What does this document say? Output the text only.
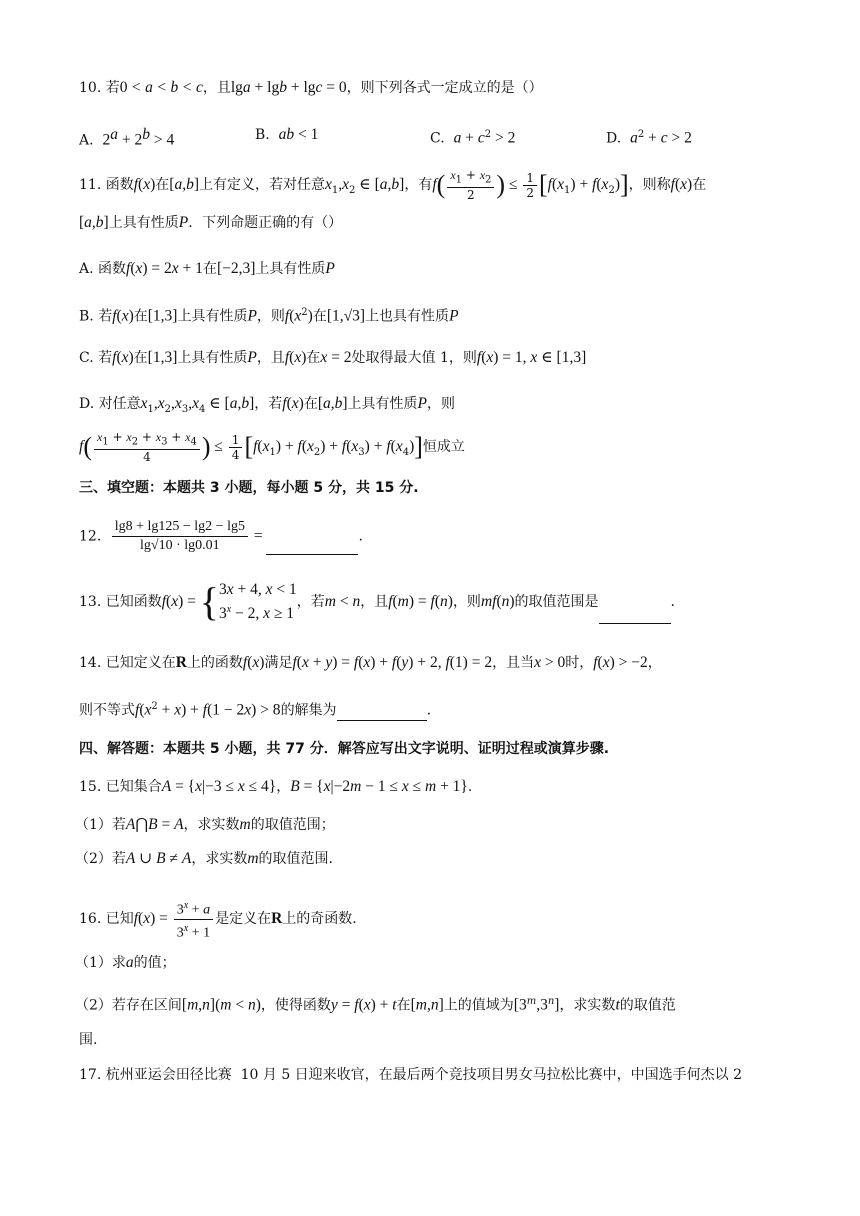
10. 若0 < a < b < c，且lga + lgb + lgc = 0，则下列各式一定成立的是（）
A.  $2^a + 2^b > 4$	B.  ab < 1	C.  $a + c^2 > 2$	D.  $a^2 + c > 2$
11. 函数f(x)在[a,b]上有定义，若对任意$x_1,x_2$ ∈ [a,b]，有$f( \frac{x_1 + x_2}{2}$ ) ≤ $\frac{1}{2} [f(x_1) + f(x_2)]$，则称f(x)在
[a,b]上具有性质P．下列命题正确的有（）
A. 函数f(x) = 2x + 1在[−2,3]上具有性质P
B. 若f(x)在[1,3]上具有性质P，则$f(x^2)$在[1,√3]上也具有性质P
C. 若f(x)在[1,3]上具有性质P，且f(x)在x = 2处取得最大值 1，则f(x) = 1, x ∈ [1,3]
D. 对任意$x_1,x_2,x_3,x_4$ ∈ [a,b]，若f(x)在[a,b]上具有性质P，则
$f( \frac{x_1 + x_2 + x_3 + x_4}{4}$ ) ≤ $\frac{1}{4} [f(x_1) + f(x_2) + f(x_3) + f(x_4)]$恒成立
三、填空题：本题共 3 小题，每小题 5 分，共 15 分.
12. $\frac{\lg 8 + \lg 125 - \lg 2 - \lg 5}{\lg√10 \cdot \lg 0.01}$ =	.
13. 已知函数f(x) = { 3x + 4, x < 1
$3^x - 2$, x ≥ 1
，若m < n，且f(m) = f(n)，则mf(n)的取值范围是	.
14. 已知定义在R上的函数f(x)满足f(x + y) = f(x) + f(y) + 2, f(1) = 2，且当x > 0时，f(x) > −2，
则不等式$f(x^2 + x) + f(1 - 2x) > 8$的解集为	.
四、解答题：本题共 5 小题，共 77 分．解答应写出文字说明、证明过程或演算步骤.
15. 已知集合A = {x|−3 ≤ x ≤ 4}，B = {x|−2m − 1 ≤ x ≤ m + 1}.
（1）若A⋂B = A，求实数m的取值范围；
（2）若A ∪ B ≠ A，求实数m的取值范围.
16. 已知$f(x) = \frac{3^x + a}{3^x + 1}$ 是定义在R上的奇函数.
（1）求a的值；
（2）若存在区间[m,n](m < n)，使得函数y = f(x) + t在[m,n]上的值域为[3$^m$,3$^n$]，求实数t的取值范
围.
17. 杭州亚运会田径比赛  10 月 5 日迎来收官，在最后两个竞技项目男女马拉松比赛中，中国选手何杰以 2
